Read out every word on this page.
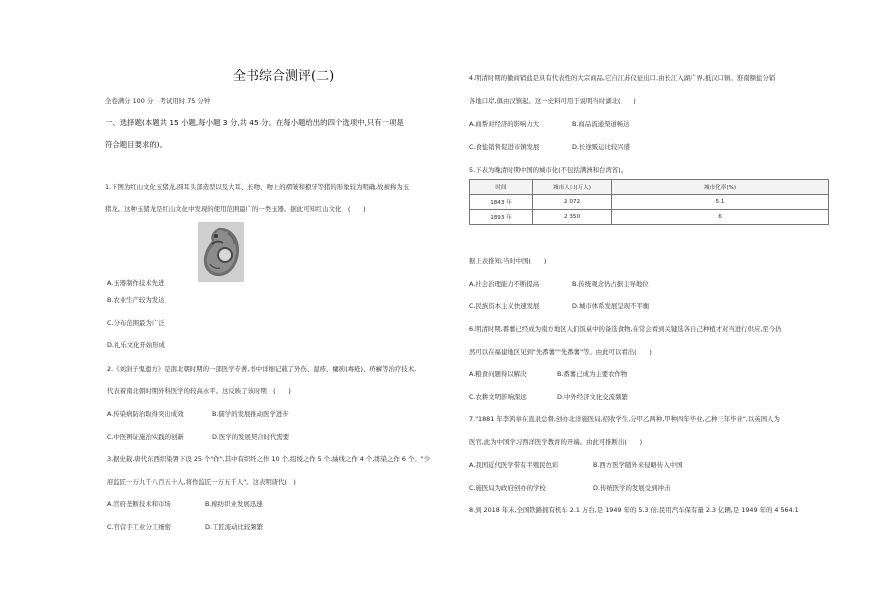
全书综合测评(二)
全卷满分 100 分　考试用时 75 分钟
一、选择题(本题共 15 小题,每小题 3 分,共 45 分。在每小题给出的四个选项中,只有一项是
符合题目要求的)。
1.下图为红山文化玉猪龙,圆耳头部造型以及大耳、长吻、吻上的褶皱和獠牙等猪的形象较为明确,故被称为玉
猪龙。这种玉猪龙是红山文化中发现的使用范围最广的一类玉器。据此可知红山文化　(　　)
A.玉器制作技术先进
B.农业生产较为发达
C.分布范围最为广泛
D.礼乐文化开始形成
2.《刘涓子鬼遗方》是南北朝时期的一部医学专著,书中详细记载了外伤、湿疹、瘰疬(毒疮)、疥癣等治疗技术,
代表着南北朝时期外科医学的较高水平。这反映了该时期　(　　)
A.传染病防治取得突出成效	B.儒学的发展推动医学进步
C.中医辨证施治实践的创新	D.医学的发展契合时代需要
3.据史载,唐代东西织染署下设 25 个"作",其中有织纴之作 10 个,组绶之作 5 个,紬线之作 4 个,练染之作 6 个。"少
府监匠一万九千八百五十人,将作监匠一万五千人"。这表明唐代(　)
A.官府垄断技术和市场	B.棉纺织业发展迅速
C.官营手工业分工细密	D.工匠流动比较频繁
4.明清时期的徽商销盐是具有代表性的大宗商品,它自江苏仪征出口,由长江入湖广界,抵汉口镇。淮南额盐分销
各地口岸,俱由汉镇起。这一史料可用于说明当时湖北(　　)
A.商帮对经济的影响力大	B.商品流通渠道畅达
C.食盐销售促进市镇发展	D.长途贩运比较兴盛
5.下表为晚清时期中国的城市化(不包括满洲和台湾省)。
时间	城市人口(万人)	城市化率(%)
1843 年	2 072	5.1
1893 年	2 350	6
据上表推知,当时中国(　　)
A.社会治理能力不断提高	B.传统观念仍占据主导地位
C.民族资本主义快速发展	D.城市体系发展呈现不平衡
6.明清时期,番薯已经成为南方地区人们饭桌中的备选食物,在常会看到关键选各自己种植才对当进行供应,至今仍
然可以在福建地区见到"先番薯""先番薯"等。由此可以看出(　　)
A.粮食问题得以解决	B.番薯已成为主要农作物
C.农耕文明影响深远	D.中外经济文化交流频繁
7."1881 年李鸿章在直隶总督,创办北洋施医局,招收学生,分甲乙两种,甲种四年毕业,乙种三年毕业",以英国人为
医官,此为中国学习西洋医学教育的开端。由此可推断出(　　)
A.我国近代医学带有半殖民色彩	B.西方医学随外来侵略传入中国
C.施医局为政府创办的学校	D.传统医学的发展受到冲击
8.到 2018 年末,全国铁路拥有机车 2.1 万台,是 1949 年的 5.3 倍;民用汽车保有量 2.3 亿辆,是 1949 年的 4 564.1
